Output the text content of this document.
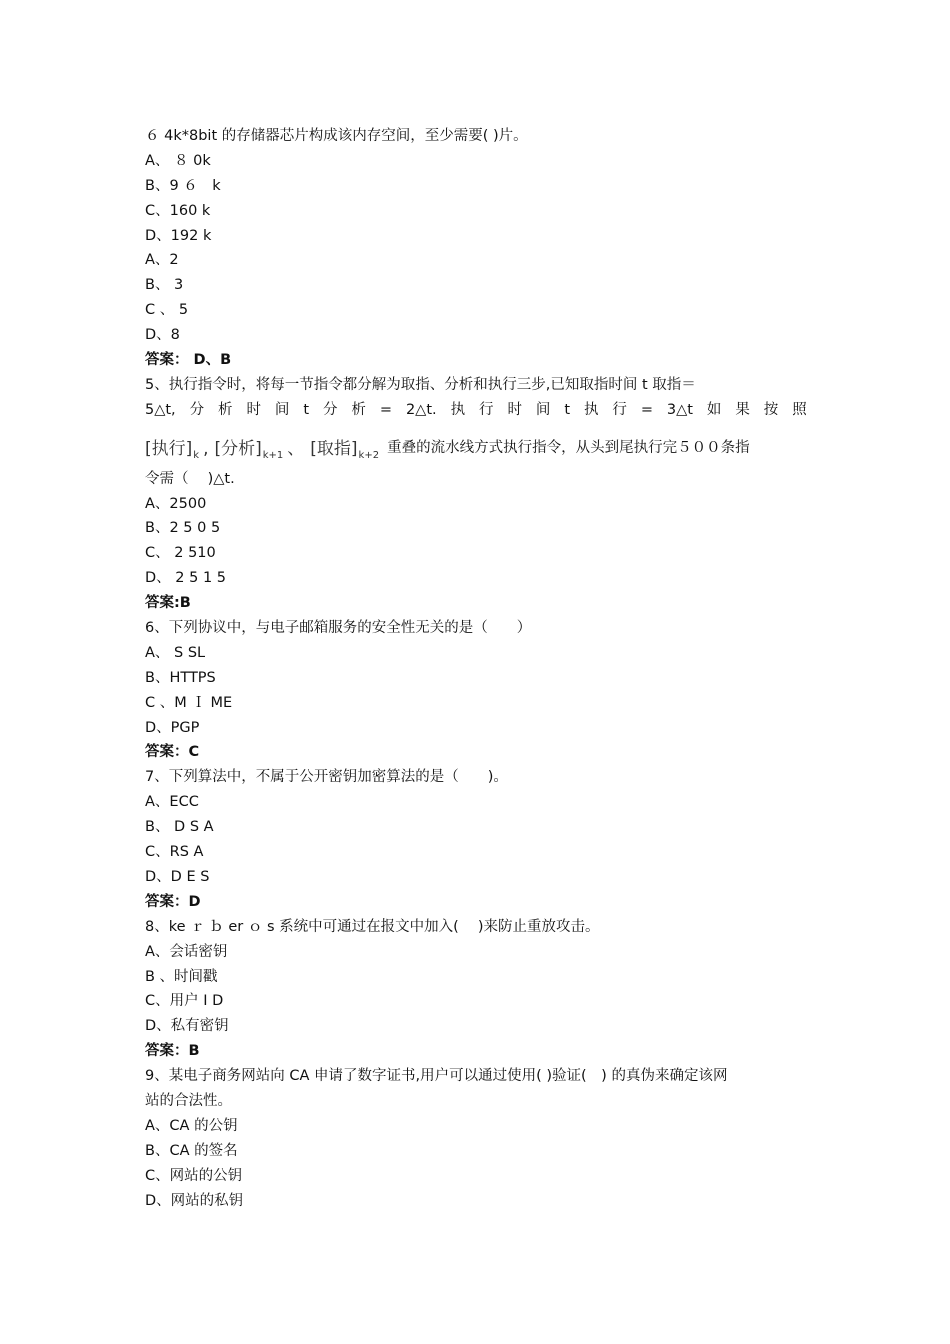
６ 4k*8bit 的存储器芯片构成该内存空间，至少需要( )片。
A、 ８ 0k
B、9 ６　k
C、160 k
D、192 k
A、2
B、 3
C 、 5
D、8
答案： D、B
5、执行指令时，将每一节指令都分解为取指、分析和执行三步,已知取指时间 t 取指＝
5△t, 分 析 时 间 t 分 析 = 2△t. 执 行 时 间 t 执 行 = 3△t 如 果 按 照
[执行] k , [分析] k+1 、 [取指] k+2 重叠的流水线方式执行指令，从头到尾执行完５００条指
令需（　 )△t.
A、2500
B、2 5 0 5
C、 2 510
D、 2 5 1 5
答案:B
6、下列协议中，与电子邮箱服务的安全性无关的是（　　）
A、 S SL
B、HTTPS
C 、M Ｉ ME
D、PGP
答案：C
7、下列算法中，不属于公开密钥加密算法的是（　　)。
A、ECC
B、 D S A
C、RS A
D、D E S
答案：D
8、ke ｒ ｂ er ｏ s 系统中可通过在报文中加入(　 )来防止重放攻击。
A、会话密钥
B 、时间戳
C、用户 I D
D、私有密钥
答案：B
9、某电子商务网站向 CA 申请了数字证书,用户可以通过使用( )验证(　) 的真伪来确定该网
站的合法性。
A、CA 的公钥
B、CA 的签名
C、网站的公钥
D、网站的私钥
